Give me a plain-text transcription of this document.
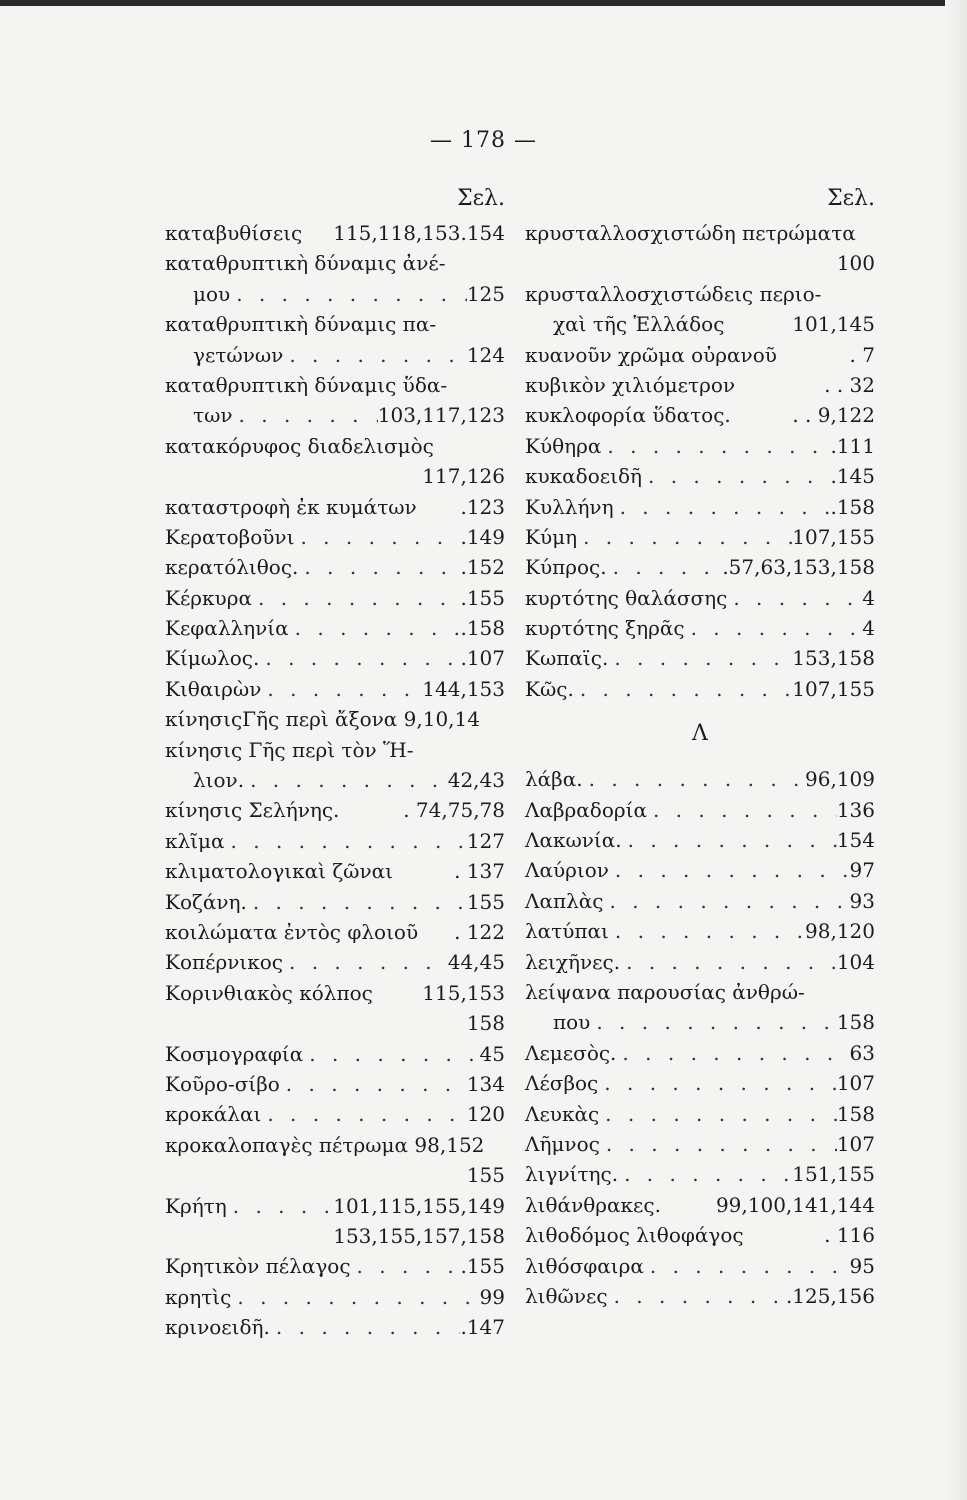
— 178 —
Σελ.
καταβυθίσεις 115,118,153.154
καταθρυπτικὴ δύναμις ἀνέ-
μου . . .	125
καταθρυπτικὴ δύναμις πα-
γετώνων . . .	124
καταθρυπτικὴ δύναμις ὕδα-
των . . .	103,117,123
κατακόρυφος διαδελισμὸς
117,126
καταστροφὴ ἐκ κυμάτων .123
Κερατοβοῦνι . . .	.149
κερατόλιθος. . . .	.152
Κέρκυρα . . .	.155
Κεφαλληνία . . .	.158
Κίμωλος. . . .	.107
Κιθαιρὼν . . .	144,153
κίνησιςΓῆς περὶ ἄξονα 9,10,14
κίνησις Γῆς περὶ τὸν Ἥ-
λιον. . . .	42,43
κίνησις Σελήνης.	. 74,75,78
κλῖμα . . .	127
κλιματολογικαὶ ζῶναι	. 137
Κοζάνη. . . .	155
κοιλώματα ἐντὸς φλοιοῦ . 122
Κοπέρνικος . . .	44,45
Κορινθιακὸς κόλπος 115,153
158
Κοσμογραφία . . .	45
Κοῦρο-σίβο . . .	134
κροκάλαι . . .	120
κροκαλοπαγὲς πέτρωμα 98,152
155
Κρήτη . . .	101,115,155,149
153,155,157,158
Κρητικὸν πέλαγος . . .	.155
κρητὶς . . .	99
κρινοειδῆ. . . .	.147
Σελ.
κρυσταλλοσχιστώδη πετρώματα
100
κρυσταλλοσχιστώδεις περιο-
χαὶ τῆς Ἑλλάδος	101,145
κυανοῦν χρῶμα οὐρανοῦ	. 7
κυβικὸν χιλιόμετρον	. . 32
κυκλοφορία ὕδατος.	. . 9,122
Κύθηρα . . .	.111
κυκαδοειδῆ . . .	.145
Κυλλήνη . . .	.158
Κύμη . . .	107,155
Κύπρος. . . .	.57,63,153,158
κυρτότης θαλάσσης . . .	4
κυρτότης ξηρᾶς . . .	4
Κωπαϊς. . . .	153,158
Κῶς. . . .	107,155
Λ
λάβα. . . .	96,109
Λαβραδορία . . .	136
Λακωνία. . . .	154
Λαύριον . . .	97
Λαπλὰς . . .	93
λατύπαι . . .	98,120
λειχῆνες. . . .	104
λείψανα παρουσίας ἀνθρώ-
που . . .	158
Λεμεσὸς. . . .	63
Λέσβος . . .	107
Λευκὰς . . .	158
Λῆμνος . . .	107
λιγνίτης. . . .	151,155
λιθάνθρακες.	99,100,141,144
λιθοδόμος λιθοφάγος	. 116
λιθόσφαιρα . . .	95
λιθῶνες . . .	.125,156
